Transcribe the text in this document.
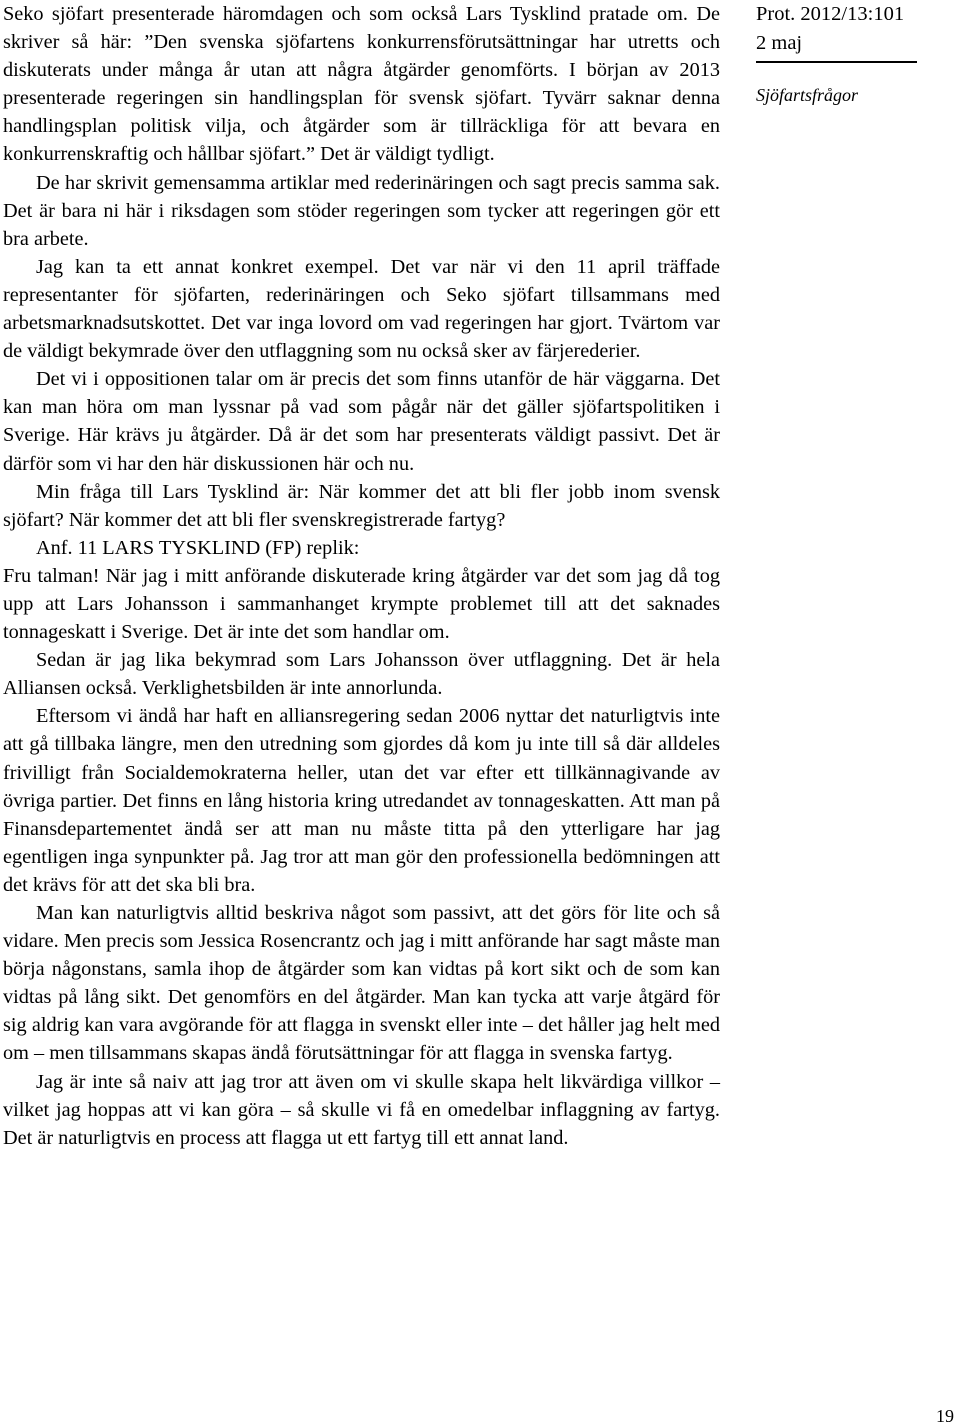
Seko sjöfart presenterade häromdagen och som också Lars Tysklind pratade om. De skriver så här: ”Den svenska sjöfartens konkurrensförutsättningar har utretts och diskuterats under många år utan att några åtgärder genomförts. I början av 2013 presenterade regeringen sin handlingsplan för svensk sjöfart. Tyvärr saknar denna handlingsplan politisk vilja, och åtgärder som är tillräckliga för att bevara en konkurrenskraftig och hållbar sjöfart.” Det är väldigt tydligt.

De har skrivit gemensamma artiklar med rederinäringen och sagt precis samma sak. Det är bara ni här i riksdagen som stöder regeringen som tycker att regeringen gör ett bra arbete.

Jag kan ta ett annat konkret exempel. Det var när vi den 11 april träffade representanter för sjöfarten, rederinäringen och Seko sjöfart tillsammans med arbetsmarknadsutskottet. Det var inga lovord om vad regeringen har gjort. Tvärtom var de väldigt bekymrade över den utflaggning som nu också sker av färjerederier.

Det vi i oppositionen talar om är precis det som finns utanför de här väggarna. Det kan man höra om man lyssnar på vad som pågår när det gäller sjöfartspolitiken i Sverige. Här krävs ju åtgärder. Då är det som har presenterats väldigt passivt. Det är därför som vi har den här diskussionen här och nu.

Min fråga till Lars Tysklind är: När kommer det att bli fler jobb inom svensk sjöfart? När kommer det att bli fler svenskregistrerade fartyg?

Anf. 11 LARS TYSKLIND (FP) replik:

Fru talman! När jag i mitt anförande diskuterade kring åtgärder var det som jag då tog upp att Lars Johansson i sammanhanget krympte problemet till att det saknades tonnageskatt i Sverige. Det är inte det som handlar om.

Sedan är jag lika bekymrad som Lars Johansson över utflaggning. Det är hela Alliansen också. Verklighetsbilden är inte annorlunda.

Eftersom vi ändå har haft en alliansregering sedan 2006 nyttar det naturligtvis inte att gå tillbaka längre, men den utredning som gjordes då kom ju inte till så där alldeles frivilligt från Socialdemokraterna heller, utan det var efter ett tillkännagivande av övriga partier. Det finns en lång historia kring utredandet av tonnageskatten. Att man på Finansdepartementet ändå ser att man nu måste titta på den ytterligare har jag egentligen inga synpunkter på. Jag tror att man gör den professionella bedömningen att det krävs för att det ska bli bra.

Man kan naturligtvis alltid beskriva något som passivt, att det görs för lite och så vidare. Men precis som Jessica Rosencrantz och jag i mitt anförande har sagt måste man börja någonstans, samla ihop de åtgärder som kan vidtas på kort sikt och de som kan vidtas på lång sikt. Det genomförs en del åtgärder. Man kan tycka att varje åtgärd för sig aldrig kan vara avgörande för att flagga in svenskt eller inte – det håller jag helt med om – men tillsammans skapas ändå förutsättningar för att flagga in svenska fartyg.

Jag är inte så naiv att jag tror att även om vi skulle skapa helt likvärdiga villkor – vilket jag hoppas att vi kan göra – så skulle vi få en omedelbar inflaggning av fartyg. Det är naturligtvis en process att flagga ut ett fartyg till ett annat land.

Prot. 2012/13:101
2 maj
Sjöfartsfrågor
19
